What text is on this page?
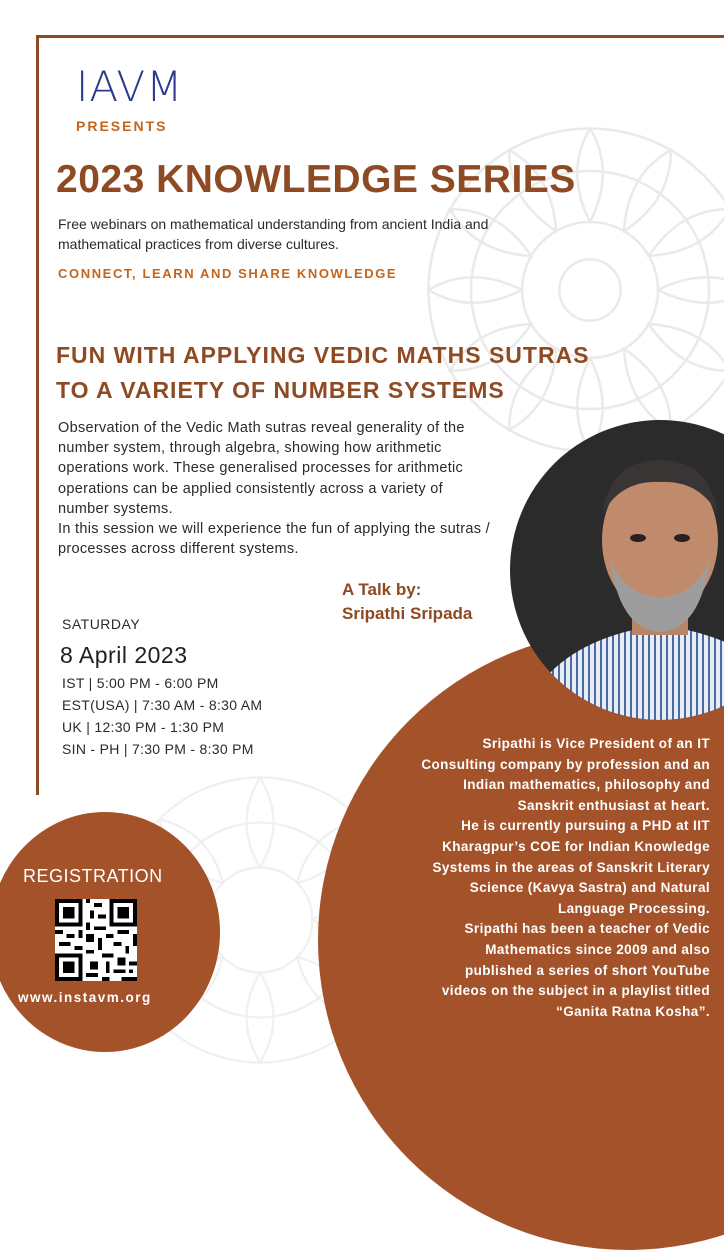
IAVM
PRESENTS
2023 KNOWLEDGE SERIES
Free webinars on mathematical understanding from ancient India and mathematical practices from diverse cultures.
CONNECT, LEARN AND SHARE KNOWLEDGE
FUN WITH APPLYING VEDIC MATHS SUTRAS
TO A VARIETY OF NUMBER SYSTEMS
Observation of the Vedic Math sutras reveal generality of the number system, through algebra, showing how arithmetic operations work. These generalised processes for arithmetic operations can be applied consistently across a variety of number systems.
In this session we will experience the fun of applying the sutras / processes across different systems.
A Talk by:
Sripathi Sripada
SATURDAY
8 April 2023
IST | 5:00 PM - 6:00 PM
EST(USA) | 7:30 AM - 8:30 AM
UK | 12:30 PM - 1:30 PM
SIN - PH | 7:30 PM - 8:30 PM	Sripathi is Vice President of an IT
Consulting company by profession and an
Indian mathematics, philosophy and
Sanskrit enthusiast at heart.
He is currently pursuing a PHD at IIT
Kharagpur’s COE for Indian Knowledge
Systems in the areas of Sanskrit Literary
Science (Kavya Sastra) and Natural
Language Processing.
Sripathi has been a teacher of Vedic
Mathematics since 2009 and also
published a series of short YouTube
videos on the subject in a playlist titled
“Ganita Ratna Kosha”.
REGISTRATION
www.instavm.org
